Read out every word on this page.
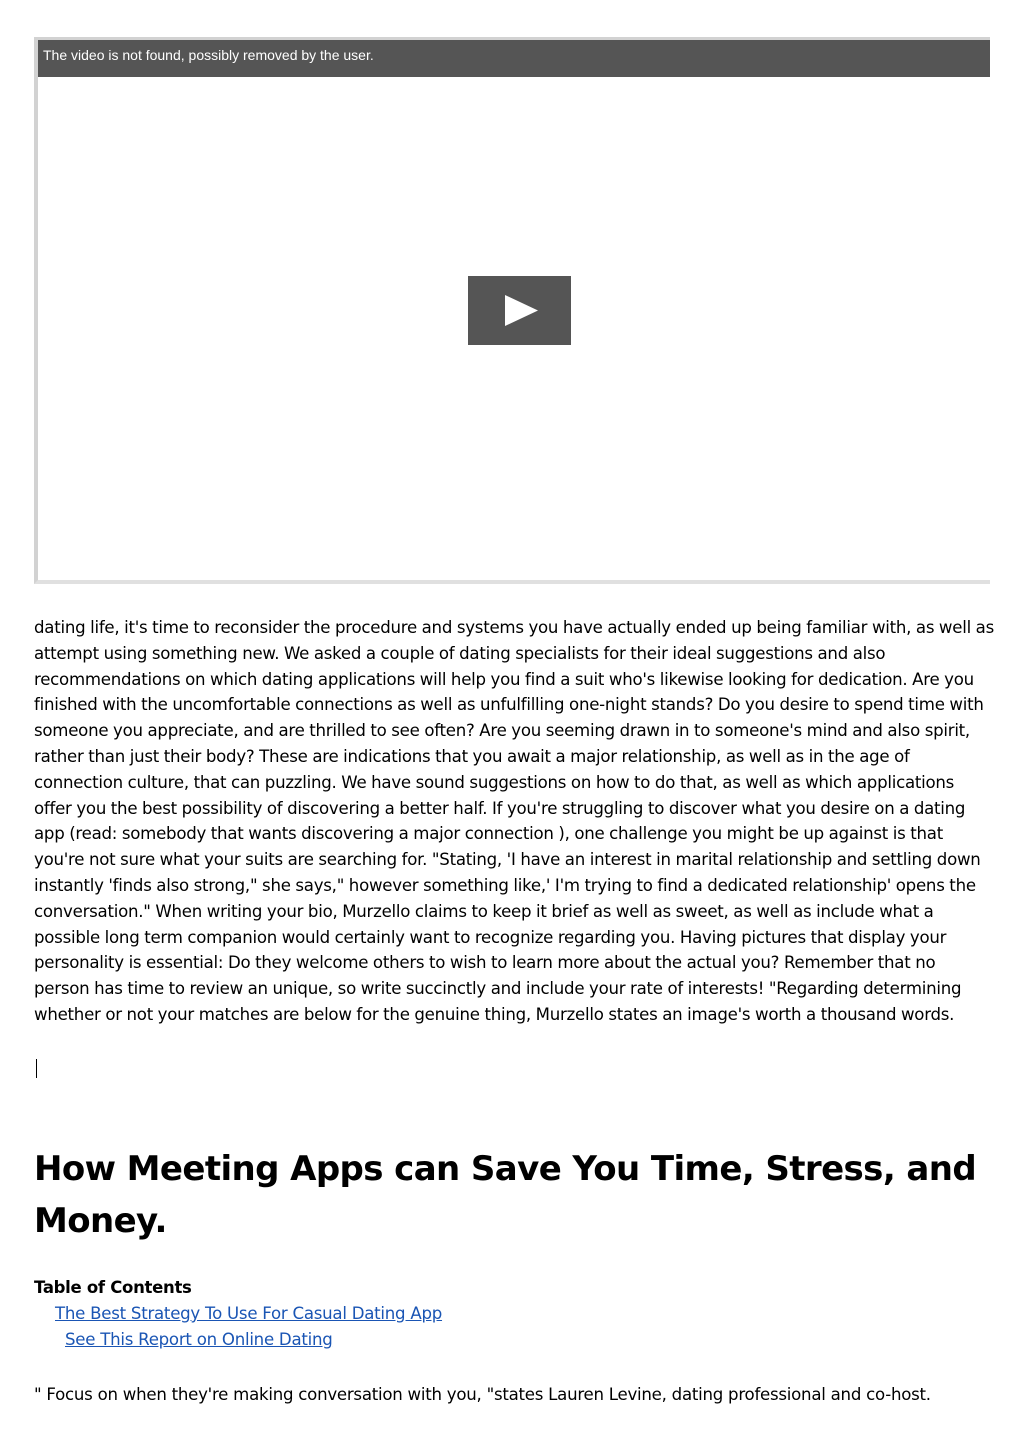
The video is not found, possibly removed by the user.

dating life, it's time to reconsider the procedure and systems you have actually ended up being familiar with, as well as attempt using something new. We asked a couple of dating specialists for their ideal suggestions and also recommendations on which dating applications will help you find a suit who's likewise looking for dedication. Are you finished with the uncomfortable connections as well as unfulfilling one-night stands? Do you desire to spend time with someone you appreciate, and are thrilled to see often? Are you seeming drawn in to someone's mind and also spirit, rather than just their body? These are indications that you await a major relationship, as well as in the age of connection culture, that can puzzling. We have sound suggestions on how to do that, as well as which applications offer you the best possibility of discovering a better half. If you're struggling to discover what you desire on a dating app (read: somebody that wants discovering a major connection ), one challenge you might be up against is that you're not sure what your suits are searching for. "Stating, 'I have an interest in marital relationship and settling down instantly 'finds also strong," she says," however something like,' I'm trying to find a dedicated relationship' opens the conversation." When writing your bio, Murzello claims to keep it brief as well as sweet, as well as include what a possible long term companion would certainly want to recognize regarding you. Having pictures that display your personality is essential: Do they welcome others to wish to learn more about the actual you? Remember that no person has time to review an unique, so write succinctly and include your rate of interests! "Regarding determining whether or not your matches are below for the genuine thing, Murzello states an image's worth a thousand words.

How Meeting Apps can Save You Time, Stress, and Money.
Table of Contents
The Best Strategy To Use For Casual Dating App
See This Report on Online Dating

" Focus on when they're making conversation with you, "states Lauren Levine, dating professional and co-host.
